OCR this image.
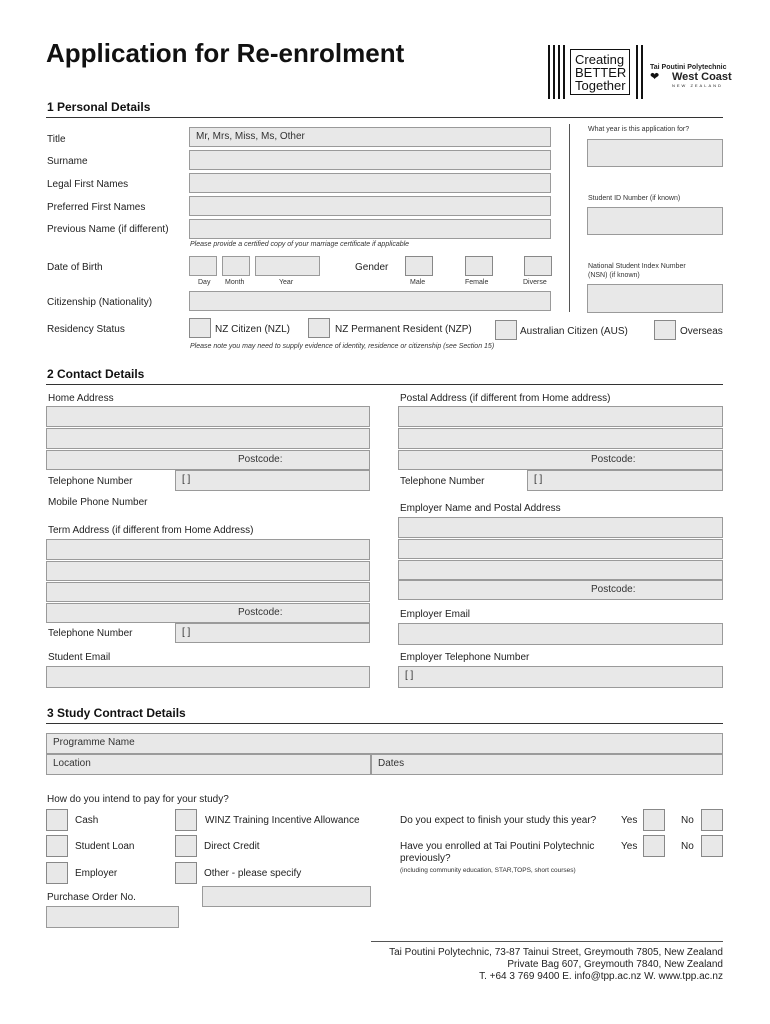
Application for Re-enrolment	Creating
BETTER
Together
Tai Poutini Polytechnic
❤ West Coast
NEW ZEALAND
1 Personal Details
Title	Mr, Mrs, Miss, Ms, Other
Surname
Legal First Names
Preferred First Names
Previous Name (if different)
Please provide a certified copy of your marriage certificate if applicable
Date of Birth
Day Month	Year
Gender
Male	Female	Diverse
Citizenship (Nationality)
Residency Status	NZ Citizen (NZL)	NZ Permanent Resident (NZP)	Australian Citizen (AUS)	Overseas
Please note you may need to supply evidence of identity, residence or citizenship (see Section 15)
What year is this application for?
Student ID Number (if known)
National Student Index Number
(NSN) (if known)
2 Contact Details
Home Address
Postcode:
Telephone Number	[ ]
Mobile Phone Number
Postal Address (if different from Home address)
Postcode:
Telephone Number	[ ]
Employer Name and Postal Address
Term Address (if different from Home Address)
Postcode:
Telephone Number	[ ]
Postcode:
Employer Email
Student Email	Employer Telephone Number
[ ]
3 Study Contract Details
Programme Name
Location	Dates
How do you intend to pay for your study?
Cash	WINZ Training Incentive Allowance
Student Loan	Direct Credit
Employer	Other - please specify
Purchase Order No.
Do you expect to finish your study this year? Yes	No
Have you enrolled at Tai Poutini Polytechnic
previously?
Yes	No
(including community education, STAR,TOPS, short courses)
Tai Poutini Polytechnic, 73-87 Tainui Street, Greymouth 7805, New Zealand
Private Bag 607, Greymouth 7840, New Zealand
T. +64 3 769 9400 E. info@tpp.ac.nz W. www.tpp.ac.nz
